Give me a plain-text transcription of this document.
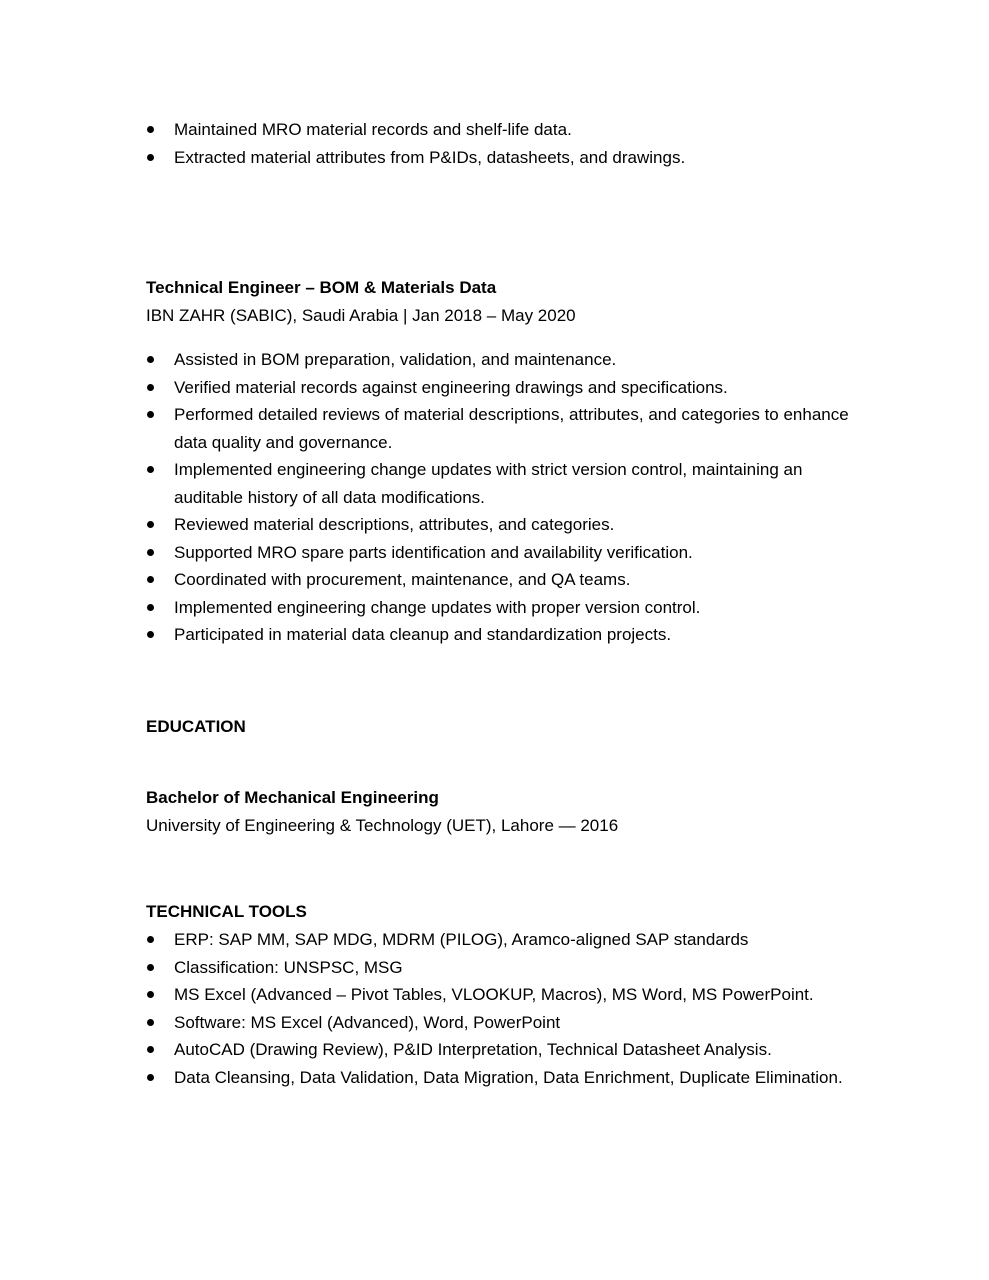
Maintained MRO material records and shelf-life data.
Extracted material attributes from P&IDs, datasheets, and drawings.
Technical Engineer – BOM & Materials Data
IBN ZAHR (SABIC), Saudi Arabia | Jan 2018 – May 2020
Assisted in BOM preparation, validation, and maintenance.
Verified material records against engineering drawings and specifications.
Performed detailed reviews of material descriptions, attributes, and categories to enhance data quality and governance.
Implemented engineering change updates with strict version control, maintaining an auditable history of all data modifications.
Reviewed material descriptions, attributes, and categories.
Supported MRO spare parts identification and availability verification.
Coordinated with procurement, maintenance, and QA teams.
Implemented engineering change updates with proper version control.
Participated in material data cleanup and standardization projects.
EDUCATION
Bachelor of Mechanical Engineering
University of Engineering & Technology (UET), Lahore — 2016
TECHNICAL TOOLS
ERP: SAP MM, SAP MDG, MDRM (PILOG), Aramco-aligned SAP standards
Classification: UNSPSC, MSG
MS Excel (Advanced – Pivot Tables, VLOOKUP, Macros), MS Word, MS PowerPoint.
Software: MS Excel (Advanced), Word, PowerPoint
AutoCAD (Drawing Review), P&ID Interpretation, Technical Datasheet Analysis.
Data Cleansing, Data Validation, Data Migration, Data Enrichment, Duplicate Elimination.
